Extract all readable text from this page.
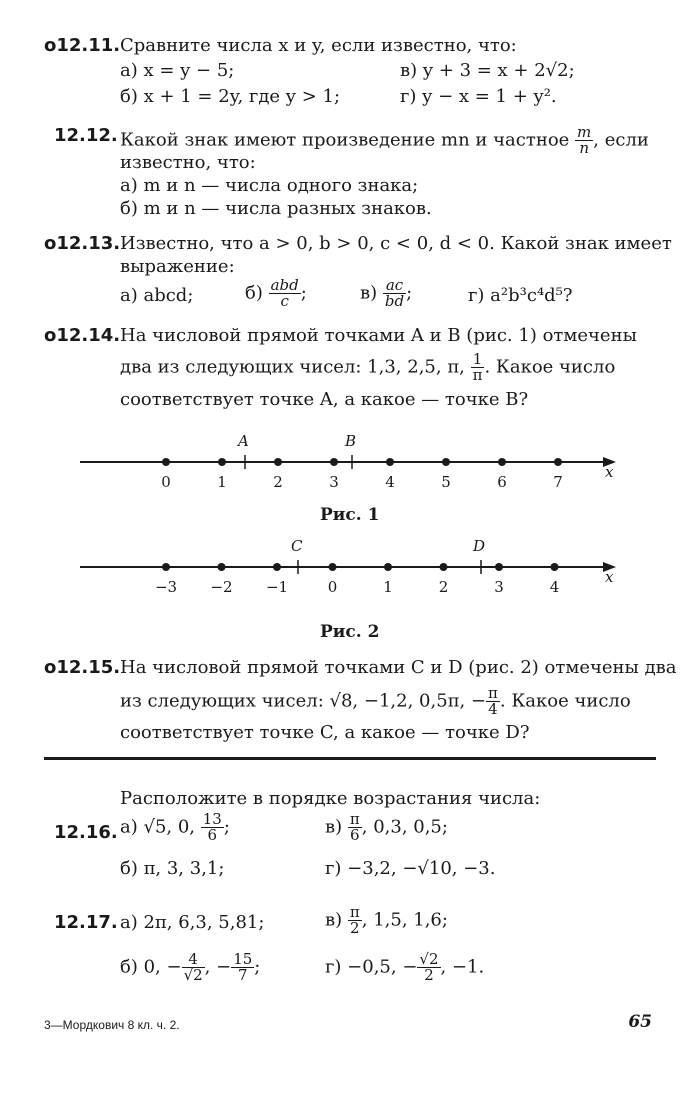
о12.11. Сравните числа x и y, если известно, что:
а) x = y − 5;	в) y + 3 = x + 2√2;
б) x + 1 = 2y, где y > 1;	г) y − x = 1 + y².
12.12. Какой знак имеют произведение mn и частное $\frac{m}{n}$ , если
известно, что:
а) m и n — числа одного знака;
б) m и n — числа разных знаков.
о12.13. Известно, что a > 0, b > 0, c < 0, d < 0. Какой знак имеет
выражение:
а) abcd;	$б) \frac{\text{abd}}{c}$ ;	$в) \frac{ac}{bd}$ ;	г) a²b³c⁴d⁵?
о12.14. На числовой прямой точками A и B (рис. 1) отмечены
два из следующих чисел: 1,3, 2,5, π, $\frac{1}{\pi}$ . Какое число
соответствует точке A, а какое — точке B?
x
0	1	2	3	4	5	6	7
A	B
Рис. 1
x
−3 −2 −1	0	1	2	3	4
C	D
Рис. 2
о12.15. На числовой прямой точками C и D (рис. 2) отмечены два
из следующих чисел: √8, −1,2, 0,5π, − $\frac{\pi}{4}$ . Какое число
соответствует точке C, а какое — точке D?
Расположите в порядке возрастания числа:
12.16. а) √5, 0, $\frac{13}{6}$ ;	$в) \frac{\pi}{6}$ , 0,3, 0,5;
б) π, 3, 3,1;	г) −3,2, −√10, −3.
12.17. а) 2π, 6,3, 5,81;	$в) \frac{\pi}{2}$ , 1,5, 1,6;
б) 0, − $\frac{4}{√2}$ , − $\frac{15}{7}$ ;	г) −0,5, − $\frac{√2}{2}$ , −1.
3—Мордкович 8 кл. ч. 2.	65
